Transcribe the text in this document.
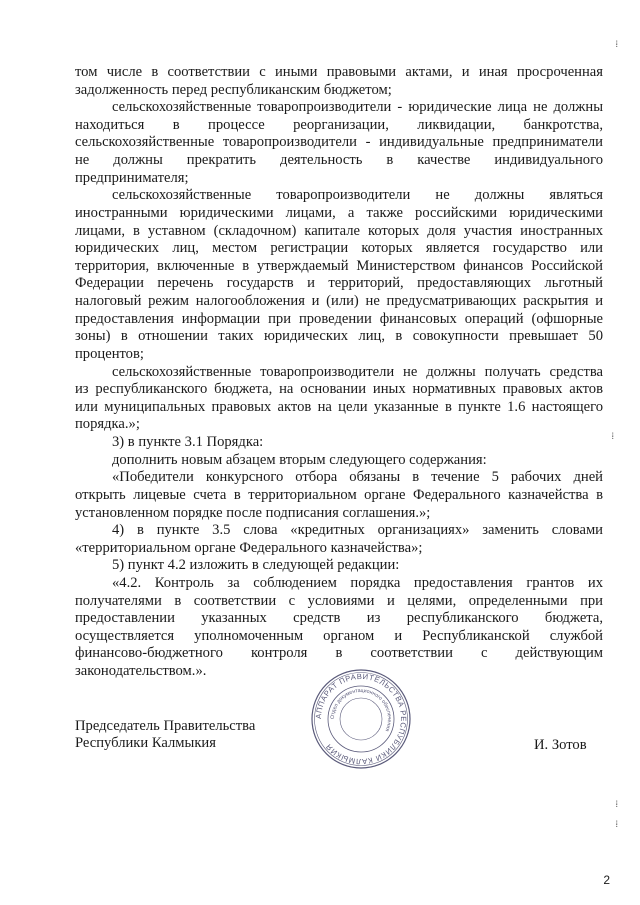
том числе в соответствии с иными правовыми актами, и иная просроченная
задолженность перед республиканским бюджетом;
сельскохозяйственные товаропроизводители - юридические лица не должны
находиться в процессе реорганизации, ликвидации, банкротства,
сельскохозяйственные товаропроизводители - индивидуальные предприниматели
не должны прекратить деятельность в качестве индивидуального
предпринимателя;
сельскохозяйственные товаропроизводители не должны являться
иностранными юридическими лицами, а также российскими юридическими
лицами, в уставном (складочном) капитале которых доля участия иностранных
юридических лиц, местом регистрации которых является государство или
территория, включенные в утверждаемый Министерством финансов Российской
Федерации перечень государств и территорий, предоставляющих льготный
налоговый режим налогообложения и (или) не предусматривающих раскрытия и
предоставления информации при проведении финансовых операций (офшорные
зоны) в отношении таких юридических лиц, в совокупности превышает 50
процентов;
сельскохозяйственные товаропроизводители не должны получать средства
из республиканского бюджета, на основании иных нормативных правовых актов
или муниципальных правовых актов на цели указанные в пункте 1.6 настоящего
порядка.»;
3) в пункте 3.1 Порядка:
дополнить новым абзацем вторым следующего содержания:
«Победители конкурсного отбора обязаны в течение 5 рабочих дней
открыть лицевые счета в территориальном органе Федерального казначейства в
установленном порядке после подписания соглашения.»;
4) в пункте 3.5 слова «кредитных организациях» заменить словами
«территориальном органе Федерального казначейства»;
5) пункт 4.2 изложить в следующей редакции:
«4.2. Контроль за соблюдением порядка предоставления грантов их
получателями в соответствии с условиями и целями, определенными при
предоставлении указанных средств из республиканского бюджета,
осуществляется уполномоченным органом и Республиканской службой
финансово-бюджетного контроля в соответствии с действующим
законодательством.».
Председатель Правительства
Республики Калмыкия	И. Зотов
АППАРАТ ПРАВИТЕЛЬСТВА РЕСПУБЛИКИ КАЛМЫКИЯ
Отдел документационного обеспечения
⁞
⁞
⁞
⁞
2
